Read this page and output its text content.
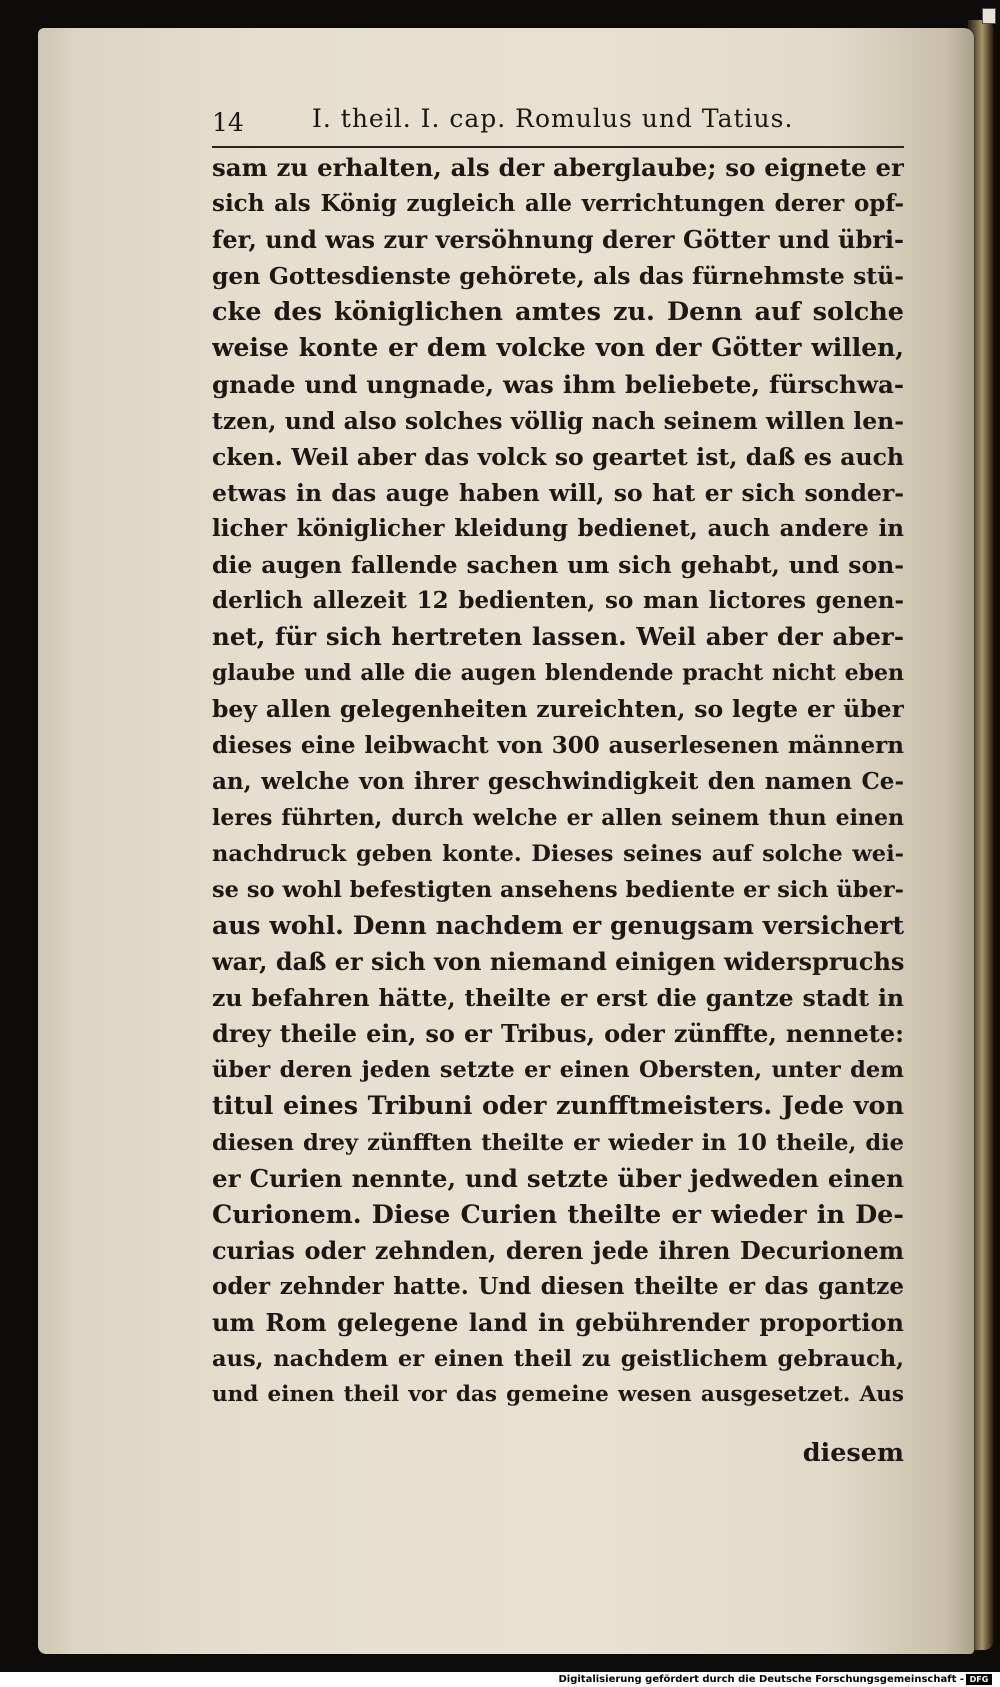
14	I. theil. I. cap. Romulus und Tatius.
sam zu erhalten, als der aberglaube; so eignete er
sich als König zugleich alle verrichtungen derer opf-
fer, und was zur versöhnung derer Götter und übri-
gen Gottesdienste gehörete, als das fürnehmste stü-
cke des königlichen amtes zu. Denn auf solche
weise konte er dem volcke von der Götter willen,
gnade und ungnade, was ihm beliebete, fürschwa-
tzen, und also solches völlig nach seinem willen len-
cken. Weil aber das volck so geartet ist, daß es auch
etwas in das auge haben will, so hat er sich sonder-
licher königlicher kleidung bedienet, auch andere in
die augen fallende sachen um sich gehabt, und son-
derlich allezeit 12 bedienten, so man lictores genen-
net, für sich hertreten lassen. Weil aber der aber-
glaube und alle die augen blendende pracht nicht eben
bey allen gelegenheiten zureichten, so legte er über
dieses eine leibwacht von 300 auserlesenen männern
an, welche von ihrer geschwindigkeit den namen Ce-
leres führten, durch welche er allen seinem thun einen
nachdruck geben konte. Dieses seines auf solche wei-
se so wohl befestigten ansehens bediente er sich über-
aus wohl. Denn nachdem er genugsam versichert
war, daß er sich von niemand einigen widerspruchs
zu befahren hätte, theilte er erst die gantze stadt in
drey theile ein, so er Tribus, oder zünffte, nennete:
über deren jeden setzte er einen Obersten, unter dem
titul eines Tribuni oder zunfftmeisters. Jede von
diesen drey zünfften theilte er wieder in 10 theile, die
er Curien nennte, und setzte über jedweden einen
Curionem. Diese Curien theilte er wieder in De-
curias oder zehnden, deren jede ihren Decurionem
oder zehnder hatte. Und diesen theilte er das gantze
um Rom gelegene land in gebührender proportion
aus, nachdem er einen theil zu geistlichem gebrauch,
und einen theil vor das gemeine wesen ausgesetzet. Aus
diesem
Digitalisierung gefördert durch die Deutsche Forschungsgemeinschaft - DFG
